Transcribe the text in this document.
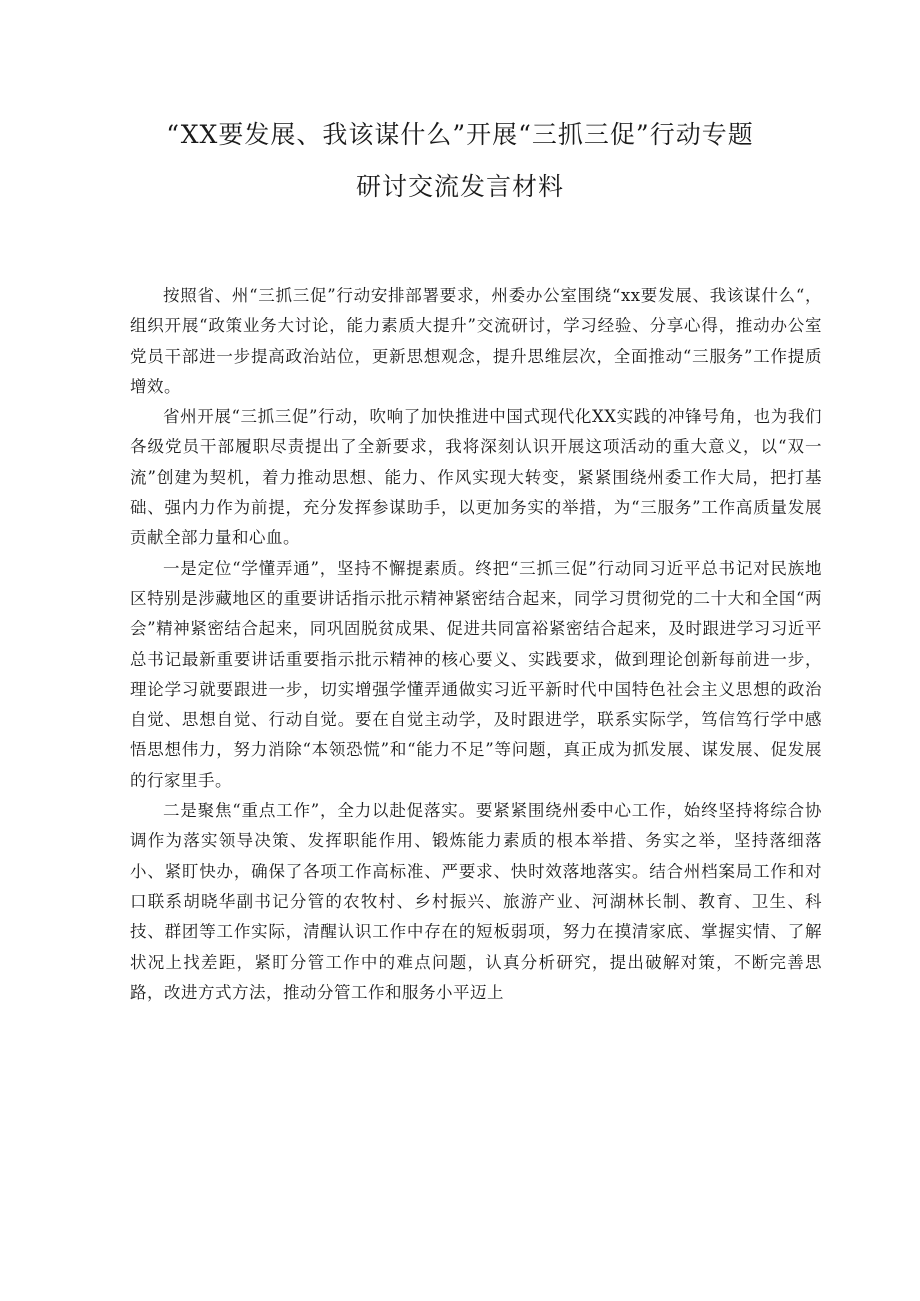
“XX要发展、我该谋什么”开展“三抓三促”行动专题
研讨交流发言材料

按照省、州“三抓三促”行动安排部署要求，州委办公室围绕“xx要发展、我该谋什么“，组织开展“政策业务大讨论，能力素质大提升”交流研讨，学习经验、分享心得，推动办公室党员干部进一步提高政治站位，更新思想观念，提升思维层次，全面推动“三服务”工作提质增效。

省州开展“三抓三促”行动，吹响了加快推进中国式现代化XX实践的冲锋号角，也为我们各级党员干部履职尽责提出了全新要求，我将深刻认识开展这项活动的重大意义，以“双一流”创建为契机，着力推动思想、能力、作风实现大转变，紧紧围绕州委工作大局，把打基础、强内力作为前提，充分发挥参谋助手，以更加务实的举措，为“三服务”工作高质量发展贡献全部力量和心血。

一是定位“学懂弄通”，坚持不懈提素质。终把“三抓三促”行动同习近平总书记对民族地区特别是涉藏地区的重要讲话指示批示精神紧密结合起来，同学习贯彻党的二十大和全国“两会”精神紧密结合起来，同巩固脱贫成果、促进共同富裕紧密结合起来，及时跟进学习习近平总书记最新重要讲话重要指示批示精神的核心要义、实践要求，做到理论创新每前进一步，理论学习就要跟进一步，切实增强学懂弄通做实习近平新时代中国特色社会主义思想的政治自觉、思想自觉、行动自觉。要在自觉主动学，及时跟进学，联系实际学，笃信笃行学中感悟思想伟力，努力消除“本领恐慌”和“能力不足”等问题，真正成为抓发展、谋发展、促发展的行家里手。

二是聚焦“重点工作”，全力以赴促落实。要紧紧围绕州委中心工作，始终坚持将综合协调作为落实领导决策、发挥职能作用、锻炼能力素质的根本举措、务实之举，坚持落细落小、紧盯快办，确保了各项工作高标准、严要求、快时效落地落实。结合州档案局工作和对口联系胡晓华副书记分管的农牧村、乡村振兴、旅游产业、河湖林长制、教育、卫生、科技、群团等工作实际，清醒认识工作中存在的短板弱项，努力在摸清家底、掌握实情、了解状况上找差距，紧盯分管工作中的难点问题，认真分析研究，提出破解对策，不断完善思路，改进方式方法，推动分管工作和服务小平迈上
